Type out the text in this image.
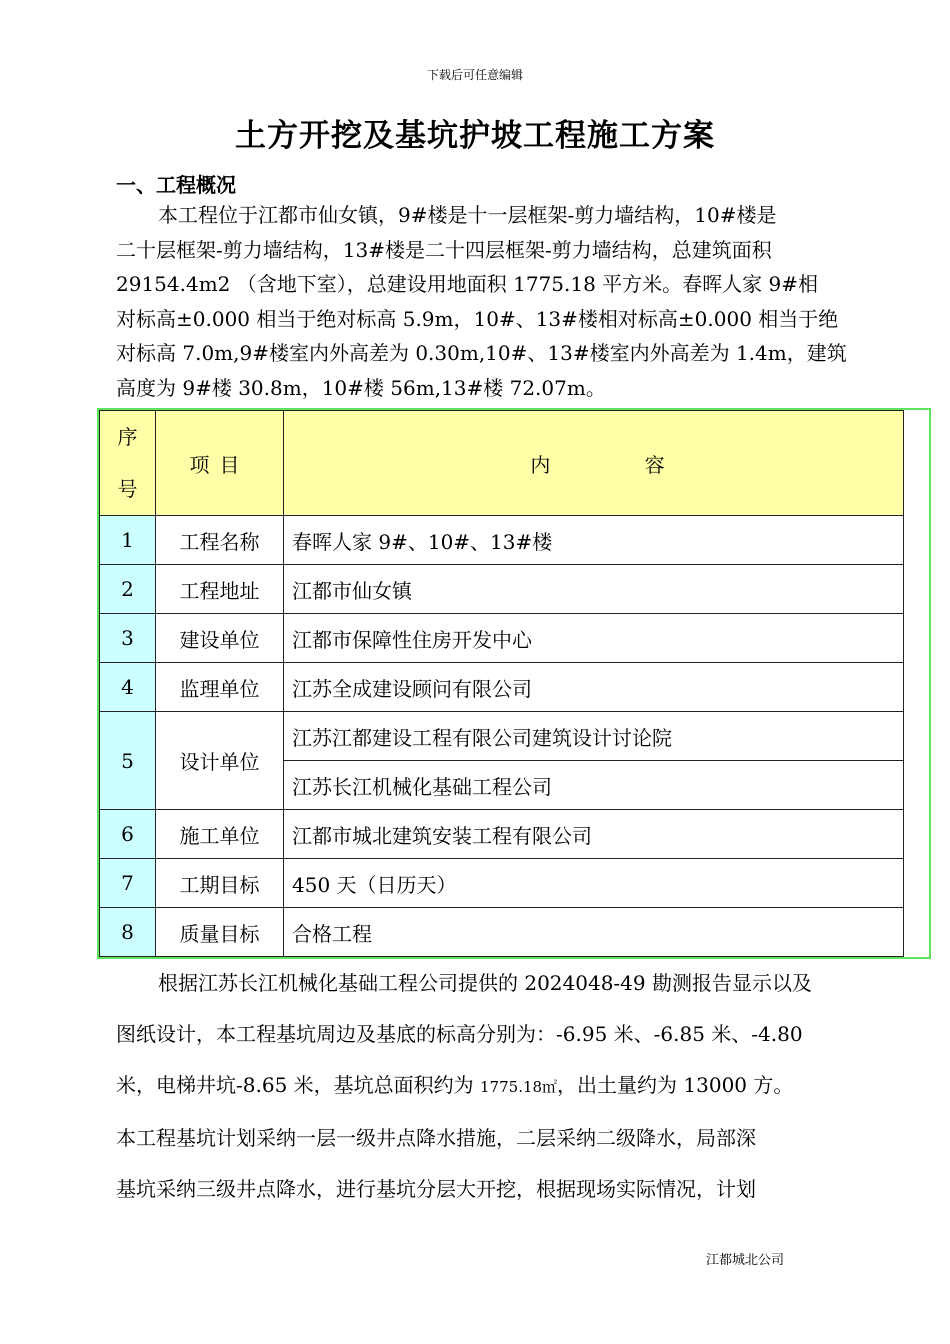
下载后可任意编辑
土方开挖及基坑护坡工程施工方案
一、工程概况
本工程位于江都市仙女镇，9#楼是十一层框架-剪力墙结构，10#楼是
二十层框架-剪力墙结构，13#楼是二十四层框架-剪力墙结构，总建筑面积
29154.4m2 （含地下室），总建设用地面积 1775.18 平方米。春晖人家 9#相
对标高±0.000 相当于绝对标高 5.9m，10#、13#楼相对标高±0.000 相当于绝
对标高 7.0m,9#楼室内外高差为 0.30m,10#、13#楼室内外高差为 1.4m，建筑
高度为 9#楼 30.8m，10#楼 56m,13#楼 72.07m。
序
号	项目	内 容

1	工程名称	春晖人家 9#、10#、13#楼
2	工程地址	江都市仙女镇
3	建设单位	江都市保障性住房开发中心
4	监理单位	江苏全成建设顾问有限公司
5	设计单位	江苏江都建设工程有限公司建筑设计讨论院
		江苏长江机械化基础工程公司
6	施工单位	江都市城北建筑安装工程有限公司
7	工期目标	450 天（日历天）
8	质量目标	合格工程
根据江苏长江机械化基础工程公司提供的 2024048-49 勘测报告显示以及
图纸设计，本工程基坑周边及基底的标高分别为：-6.95 米、-6.85 米、-4.80
米，电梯井坑-8.65 米，基坑总面积约为 1775.18㎡，出土量约为 13000 方。
本工程基坑计划采纳一层一级井点降水措施，二层采纳二级降水，局部深
基坑采纳三级井点降水，进行基坑分层大开挖，根据现场实际情况，计划
江都城北公司
